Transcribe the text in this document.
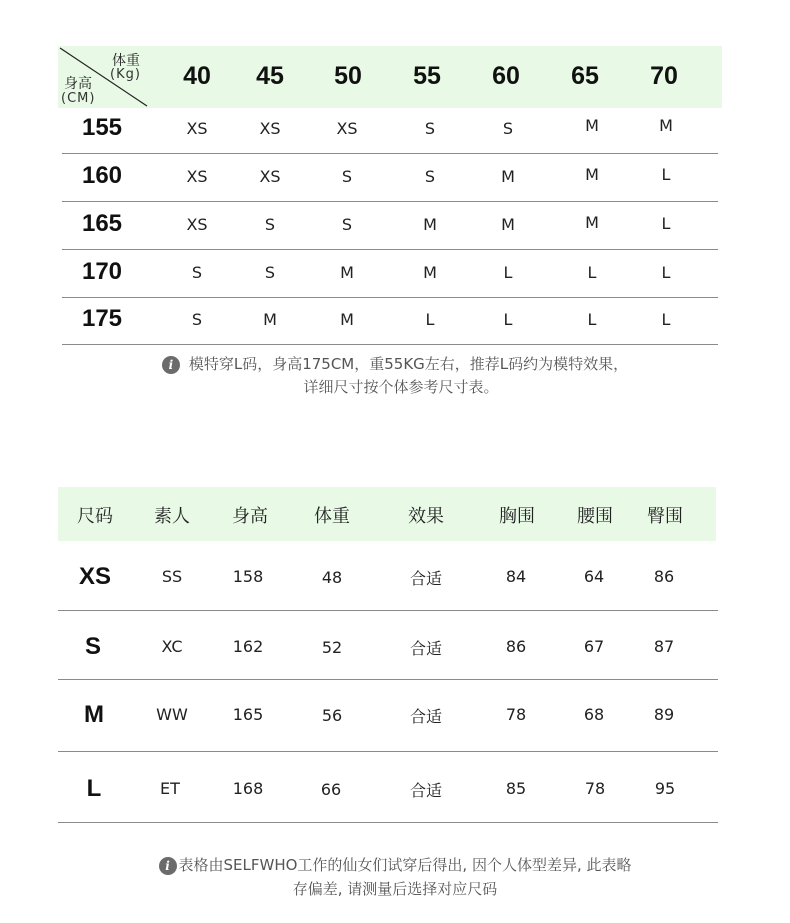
体重
(Kg)
身高
(CM)
40	45	50	55	60	65	70
155	XS	XS	XS	S	S	M	M
160	XS	XS	S	S	M	M	L
165	XS	S	S	M	M	M	L
170	S	S	M	M	L	L	L
175	S	M	M	L	L	L	L
i 模特穿L码，身高175CM，重55KG左右，推荐L码约为模特效果，
详细尺寸按个体参考尺寸表。
尺码	素人	身高	体重	效果	胸围	腰围	臀围
XS	SS	158	48	合适	84	64	86
S	XC	162	52	合适	86	67	87
M	WW	165	56	合适	78	68	89
L	ET	168	66	合适	85	78	95
i 表格由SELFWHO工作的仙女们试穿后得出, 因个人体型差异, 此表略
存偏差, 请测量后选择对应尺码
